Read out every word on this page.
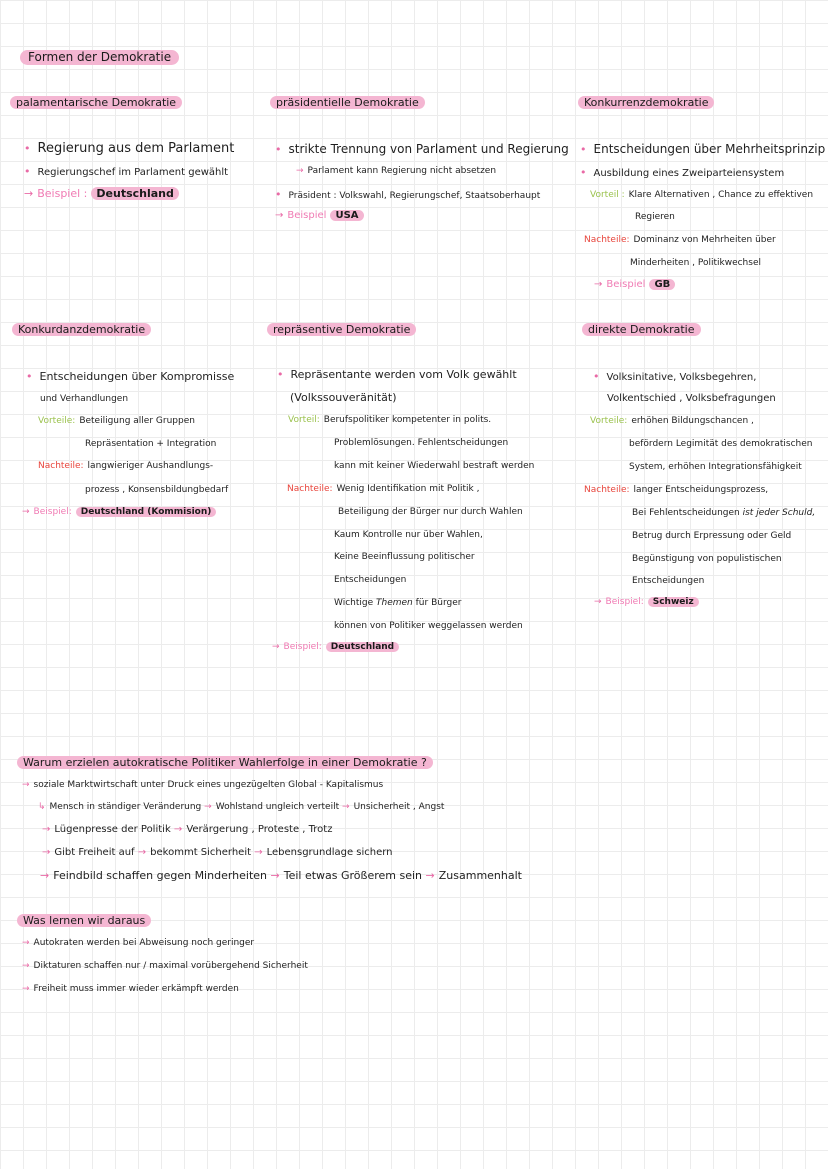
Formen der Demokratie
palamentarische Demokratie
• Regierung aus dem Parlament
• Regierungschef im Parlament gewählt
→ Beispiel : Deutschland
präsidentielle Demokratie
• strikte Trennung von Parlament und Regierung
→ Parlament kann Regierung nicht absetzen
• Präsident : Volkswahl, Regierungschef, Staatsoberhaupt
→ Beispiel USA
Konkurrenzdemokratie
• Entscheidungen über Mehrheitsprinzip
• Ausbildung eines Zweiparteiensystem
Vorteil : Klare Alternativen , Chance zu effektiven
Regieren
Nachteile: Dominanz von Mehrheiten über
Minderheiten , Politikwechsel
→ Beispiel GB
Konkurdanzdemokratie
• Entscheidungen über Kompromisse
und Verhandlungen
Vorteile: Beteiligung aller Gruppen
Repräsentation + Integration
Nachteile: langwieriger Aushandlungs-
prozess , Konsensbildungbedarf
→ Beispiel: Deutschland (Kommision)
repräsentive Demokratie
• Repräsentante werden vom Volk gewählt
(Volkssouveränität)
Vorteil: Berufspolitiker kompetenter in polits.
Problemlösungen. Fehlentscheidungen
kann mit keiner Wiederwahl bestraft werden
Nachteile: Wenig Identifikation mit Politik ,
Beteiligung der Bürger nur durch Wahlen
Kaum Kontrolle nur über Wahlen,
Keine Beeinflussung politischer
Entscheidungen
Wichtige Themen für Bürger
können von Politiker weggelassen werden
→ Beispiel: Deutschland
direkte Demokratie
• Volksinitative, Volksbegehren,
Volkentschied , Volksbefragungen
Vorteile: erhöhen Bildungschancen ,
befördern Legimität des demokratischen
System, erhöhen Integrationsfähigkeit
Nachteile: langer Entscheidungsprozess,
Bei Fehlentscheidungen ist jeder Schuld,
Betrug durch Erpressung oder Geld
Begünstigung von populistischen
Entscheidungen
→ Beispiel: Schweiz
Warum erzielen autokratische Politiker Wahlerfolge in einer Demokratie ?
→ soziale Marktwirtschaft unter Druck eines ungezügelten Global - Kapitalismus
↳ Mensch in ständiger Veränderung → Wohlstand ungleich verteilt → Unsicherheit , Angst
→ Lügenpresse der Politik → Verärgerung , Proteste , Trotz
→ Gibt Freiheit auf → bekommt Sicherheit → Lebensgrundlage sichern
→ Feindbild schaffen gegen Minderheiten → Teil etwas Größerem sein → Zusammenhalt
Was lernen wir daraus
→ Autokraten werden bei Abweisung noch geringer
→ Diktaturen schaffen nur / maximal vorübergehend Sicherheit
→ Freiheit muss immer wieder erkämpft werden
